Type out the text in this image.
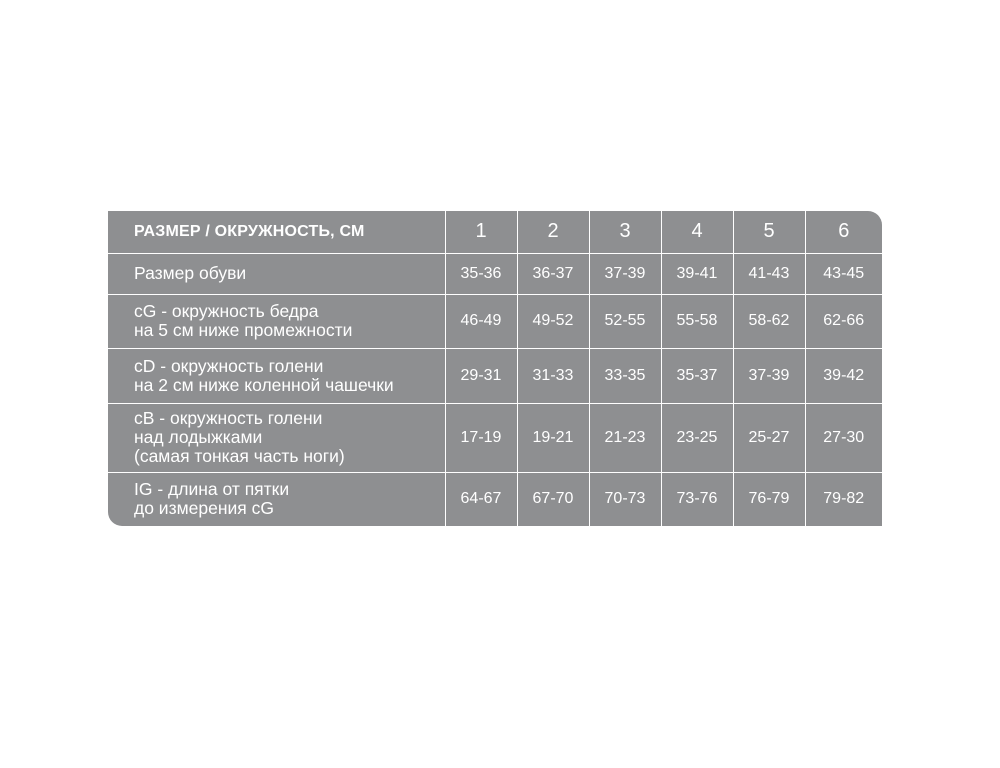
РАЗМЕР / ОКРУЖНОСТЬ, СМ	1	2	3	4	5	6

Размер обуви	35-36	36-37	37-39	39-41	41-43	43-45

cG - окружность бедра
на 5 см ниже промежности	46-49	49-52	52-55	55-58	58-62	62-66

cD - окружность голени
на 2 см ниже коленной чашечки	29-31	31-33	33-35	35-37	37-39	39-42

cB - окружность голени
над лодыжками
(самая тонкая часть ноги)	17-19	19-21	21-23	23-25	25-27	27-30

IG - длина от пятки
до измерения cG	64-67	67-70	70-73	73-76	76-79	79-82
